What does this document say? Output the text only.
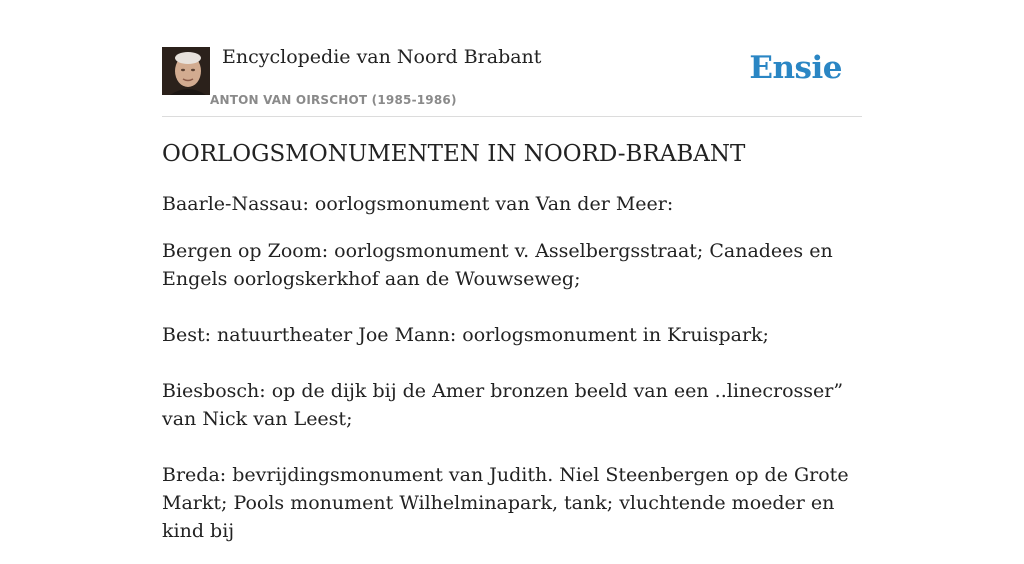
Encyclopedie van Noord Brabant
ANTON VAN OIRSCHOT (1985-1986)
Ensie
OORLOGSMONUMENTEN IN NOORD-BRABANT

Baarle-Nassau: oorlogsmonument van Van der Meer:

Bergen op Zoom: oorlogsmonument v. Asselbergsstraat; Canadees en Engels oorlogskerkhof aan de Wouwseweg;

Best: natuurtheater Joe Mann: oorlogsmonument in Kruispark;

Biesbosch: op de dijk bij de Amer bronzen beeld van een ..linecrosser” van Nick van Leest;

Breda: bevrijdingsmonument van Judith. Niel Steenbergen op de Grote Markt; Pools monument Wilhelminapark, tank; vluchtende moeder en kind bij
